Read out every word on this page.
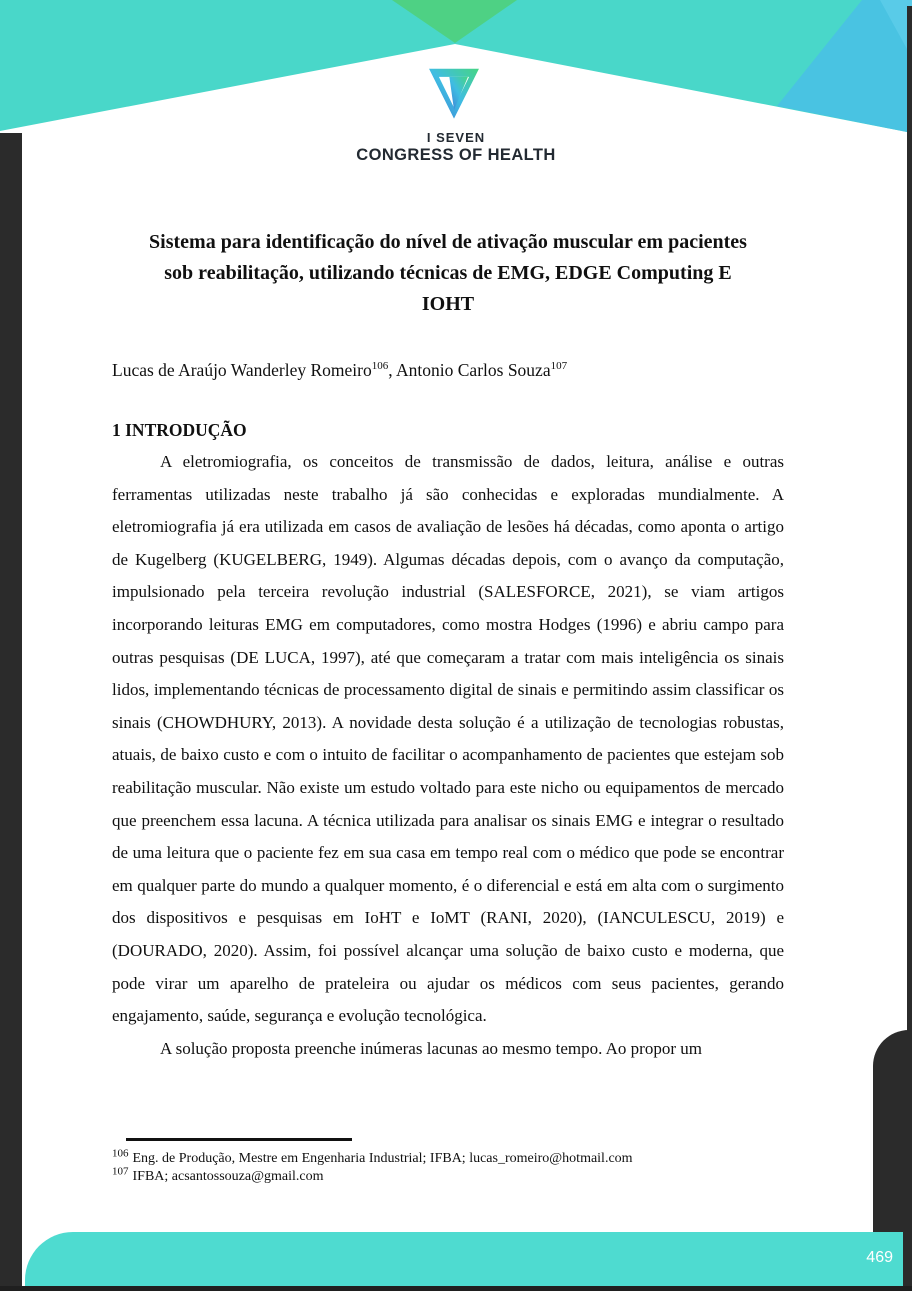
I SEVEN
CONGRESS OF HEALTH
Sistema para identificação do nível de ativação muscular em pacientes
sob reabilitação, utilizando técnicas de EMG, EDGE Computing E
IOHT
Lucas de Araújo Wanderley Romeiro$^{106}$, Antonio Carlos Souza$^{107}$
1 INTRODUÇÃO

A eletromiografia, os conceitos de transmissão de dados, leitura, análise e outras ferramentas utilizadas neste trabalho já são conhecidas e exploradas mundialmente. A eletromiografia já era utilizada em casos de avaliação de lesões há décadas, como aponta o artigo de Kugelberg (KUGELBERG, 1949). Algumas décadas depois, com o avanço da computação, impulsionado pela terceira revolução industrial (SALESFORCE, 2021), se viam artigos incorporando leituras EMG em computadores, como mostra Hodges (1996) e abriu campo para outras pesquisas (DE LUCA, 1997), até que começaram a tratar com mais inteligência os sinais lidos, implementando técnicas de processamento digital de sinais e permitindo assim classificar os sinais (CHOWDHURY, 2013). A novidade desta solução é a utilização de tecnologias robustas, atuais, de baixo custo e com o intuito de facilitar o acompanhamento de pacientes que estejam sob reabilitação muscular. Não existe um estudo voltado para este nicho ou equipamentos de mercado que preenchem essa lacuna. A técnica utilizada para analisar os sinais EMG e integrar o resultado de uma leitura que o paciente fez em sua casa em tempo real com o médico que pode se encontrar em qualquer parte do mundo a qualquer momento, é o diferencial e está em alta com o surgimento dos dispositivos e pesquisas em IoHT e IoMT (RANI, 2020), (IANCULESCU, 2019) e (DOURADO, 2020). Assim, foi possível alcançar uma solução de baixo custo e moderna, que pode virar um aparelho de prateleira ou ajudar os médicos com seus pacientes, gerando engajamento, saúde, segurança e evolução tecnológica.

A solução proposta preenche inúmeras lacunas ao mesmo tempo. Ao propor um

$^{106}$ Eng. de Produção, Mestre em Engenharia Industrial; IFBA; lucas_romeiro@hotmail.com
$^{107}$ IFBA; acsantossouza@gmail.com
469
